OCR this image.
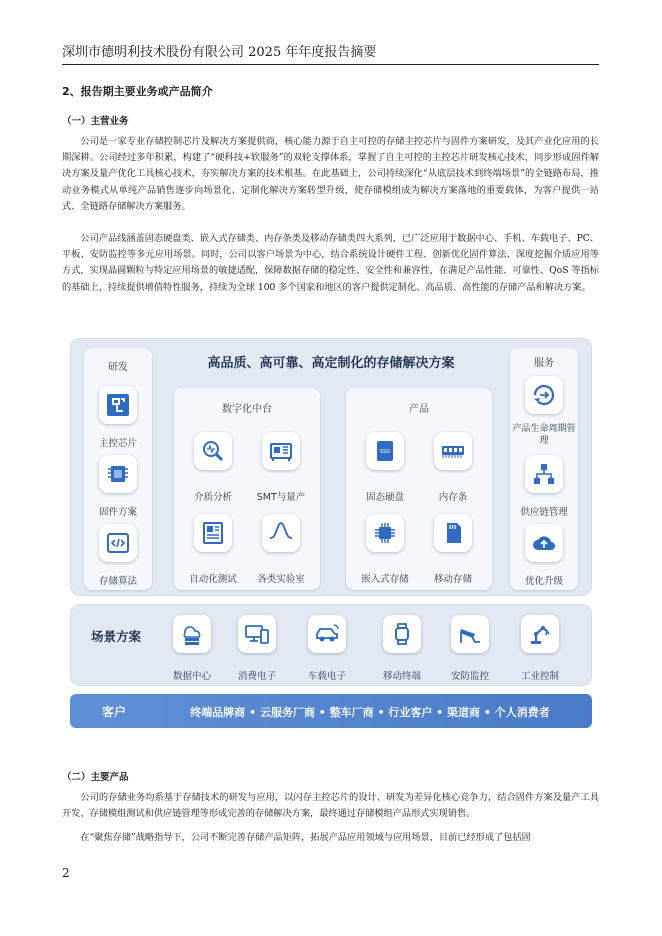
深圳市德明利技术股份有限公司 2025 年年度报告摘要
2、报告期主要业务或产品简介
（一）主营业务
公司是一家专业存储控制芯片及解决方案提供商，核心能力源于自主可控的存储主控芯片与固件方案研发，及其产业化应用的长期深耕。公司经过多年积累，构建了“硬科技+软服务”的双轮支撑体系，掌握了自主可控的主控芯片研发核心技术，同步形成固件解决方案及量产优化工具核心技术，夯实解决方案的技术根基。在此基础上，公司持续深化“从底层技术到终端场景”的全链路布局，推动业务模式从单纯产品销售逐步向场景化、定制化解决方案转型升级，使存储模组成为解决方案落地的重要载体，为客户提供一站式、全链路存储解决方案服务。
公司产品线涵盖固态硬盘类、嵌入式存储类、内存条类及移动存储类四大系列，已广泛应用于数据中心、手机、车载电子、PC、平板、安防监控等多元应用场景。同时，公司以客户场景为中心，结合系统设计硬件工程、创新优化固件算法、深度挖掘介质应用等方式，实现晶圆颗粒与特定应用场景的敏捷适配，保障数据存储的稳定性、安全性和兼容性，在满足产品性能、可靠性、QoS 等指标的基础上，持续提供增值特性服务，持续为全球 100 多个国家和地区的客户提供定制化、高品质、高性能的存储产品和解决方案。
高品质、高可靠、高定制化的存储解决方案
研发
主控芯片
固件方案
存储算法
数字化中台
介质分析	SMT与量产
自动化测试	各类实验室
产品
SSD
固态硬盘	内存条
嵌入式存储	移动存储
服务
产品生命周期管理
供应链管理
优化升级
场景方案
数据中心	消费电子	车载电子	移动终端	安防监控	工业控制
客户	终端品牌商 • 云服务厂商 • 整车厂商 • 行业客户 • 渠道商 • 个人消费者
（二）主要产品
公司的存储业务均系基于存储技术的研发与应用，以闪存主控芯片的设计、研发为差异化核心竞争力，结合固件方案及量产工具开发、存储模组测试和供应链管理等形成完善的存储解决方案，最终通过存储模组产品形式实现销售。
在“聚焦存储”战略指导下，公司不断完善存储产品矩阵，拓展产品应用领域与应用场景，目前已经形成了包括固
2
